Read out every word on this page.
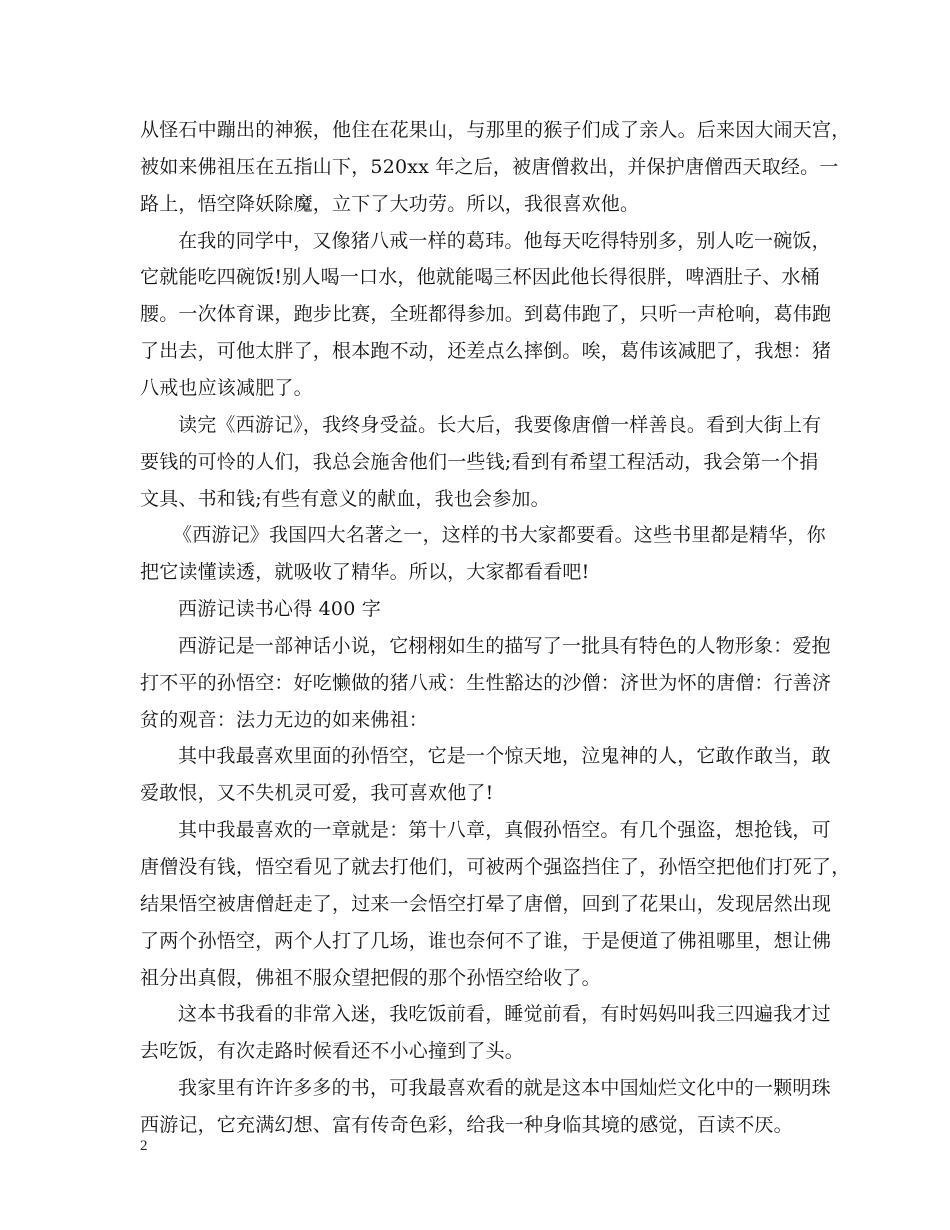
从怪石中蹦出的神猴，他住在花果山，与那里的猴子们成了亲人。后来因大闹天宫，

被如来佛祖压在五指山下，520xx 年之后，被唐僧救出，并保护唐僧西天取经。一

路上，悟空降妖除魔，立下了大功劳。所以，我很喜欢他。

在我的同学中，又像猪八戒一样的葛玮。他每天吃得特别多，别人吃一碗饭，

它就能吃四碗饭!别人喝一口水，他就能喝三杯因此他长得很胖，啤酒肚子、水桶

腰。一次体育课，跑步比赛，全班都得参加。到葛伟跑了，只听一声枪响，葛伟跑

了出去，可他太胖了，根本跑不动，还差点么摔倒。唉，葛伟该减肥了，我想：猪

八戒也应该减肥了。

读完《西游记》，我终身受益。长大后，我要像唐僧一样善良。看到大街上有

要钱的可怜的人们，我总会施舍他们一些钱;看到有希望工程活动，我会第一个捐

文具、书和钱;有些有意义的献血，我也会参加。

《西游记》我国四大名著之一，这样的书大家都要看。这些书里都是精华，你

把它读懂读透，就吸收了精华。所以，大家都看看吧!

西游记读书心得 400 字

西游记是一部神话小说，它栩栩如生的描写了一批具有特色的人物形象：爱抱

打不平的孙悟空：好吃懒做的猪八戒：生性豁达的沙僧：济世为怀的唐僧：行善济

贫的观音：法力无边的如来佛祖：

其中我最喜欢里面的孙悟空，它是一个惊天地，泣鬼神的人，它敢作敢当，敢

爱敢恨，又不失机灵可爱，我可喜欢他了!

其中我最喜欢的一章就是：第十八章，真假孙悟空。有几个强盗，想抢钱，可

唐僧没有钱，悟空看见了就去打他们，可被两个强盗挡住了，孙悟空把他们打死了，

结果悟空被唐僧赶走了，过来一会悟空打晕了唐僧，回到了花果山，发现居然出现

了两个孙悟空，两个人打了几场，谁也奈何不了谁，于是便道了佛祖哪里，想让佛

祖分出真假，佛祖不服众望把假的那个孙悟空给收了。

这本书我看的非常入迷，我吃饭前看，睡觉前看，有时妈妈叫我三四遍我才过

去吃饭，有次走路时候看还不小心撞到了头。

我家里有许许多多的书，可我最喜欢看的就是这本中国灿烂文化中的一颗明珠

西游记，它充满幻想、富有传奇色彩，给我一种身临其境的感觉，百读不厌。

2
